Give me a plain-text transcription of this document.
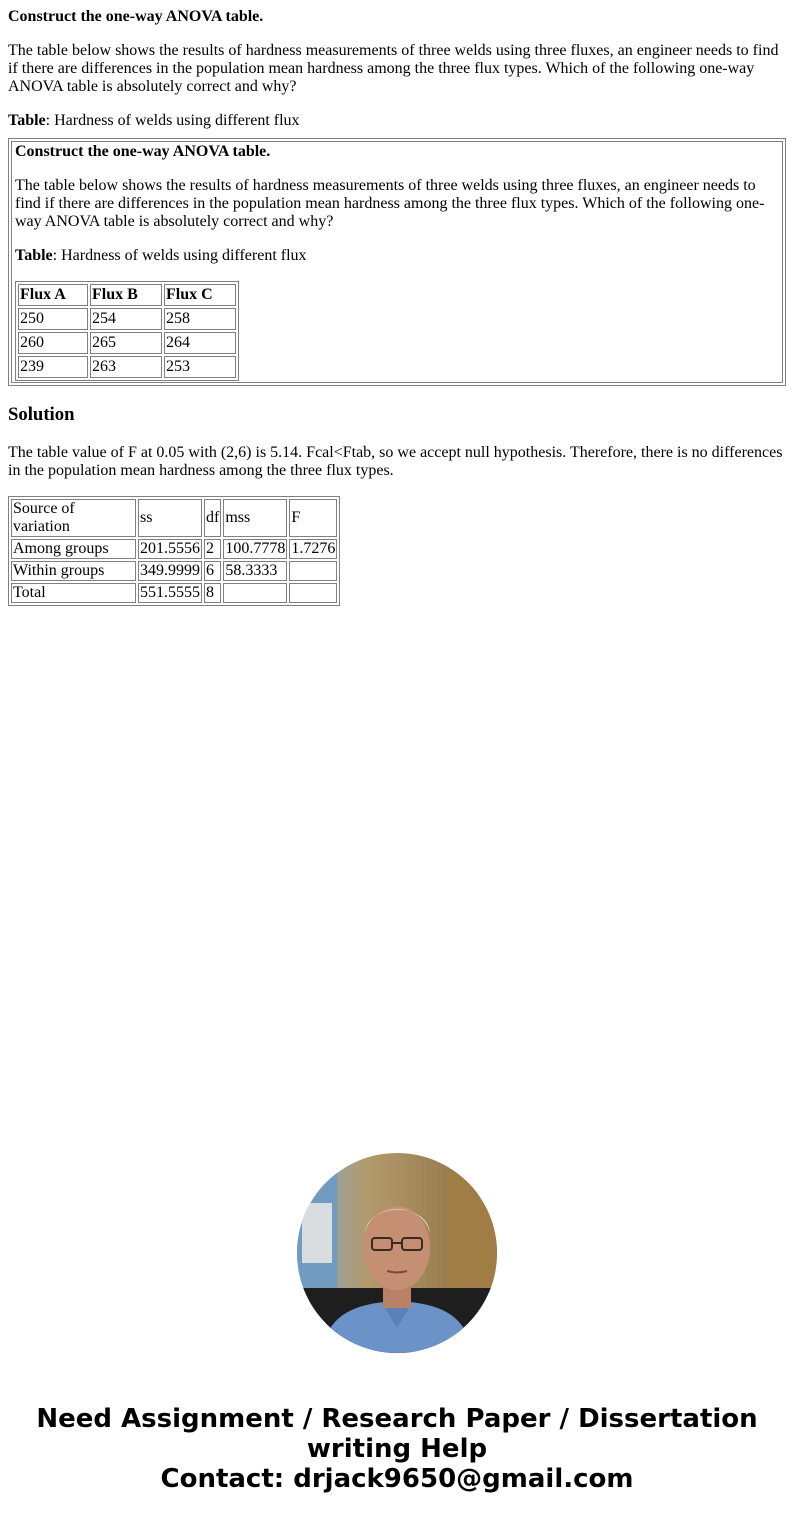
Construct the one-way ANOVA table.

The table below shows the results of hardness measurements of three welds using three fluxes, an engineer needs to find if there are differences in the population mean hardness among the three flux types. Which of the following one-way ANOVA table is absolutely correct and why?

Table: Hardness of welds using different flux

Construct the one-way ANOVA table.

The table below shows the results of hardness measurements of three welds using three fluxes, an engineer needs to find if there are differences in the population mean hardness among the three flux types. Which of the following one-way ANOVA table is absolutely correct and why?

Table: Hardness of welds using different flux

Flux A	Flux B	Flux C
250	254	258
260	265	264
239	263	253
Solution

The table value of F at 0.05 with (2,6) is 5.14. Fcal<Ftab, so we accept null hypothesis. Therefore, there is no differences in the population mean hardness among the three flux types.

Source of variation	ss	df	mss	F
Among groups	201.5556	2	100.7778	1.7276
Within groups	349.9999	6	58.3333	
Total	551.5555	8		
Need Assignment / Research Paper / Dissertation
writing Help
Contact: drjack9650@gmail.com
